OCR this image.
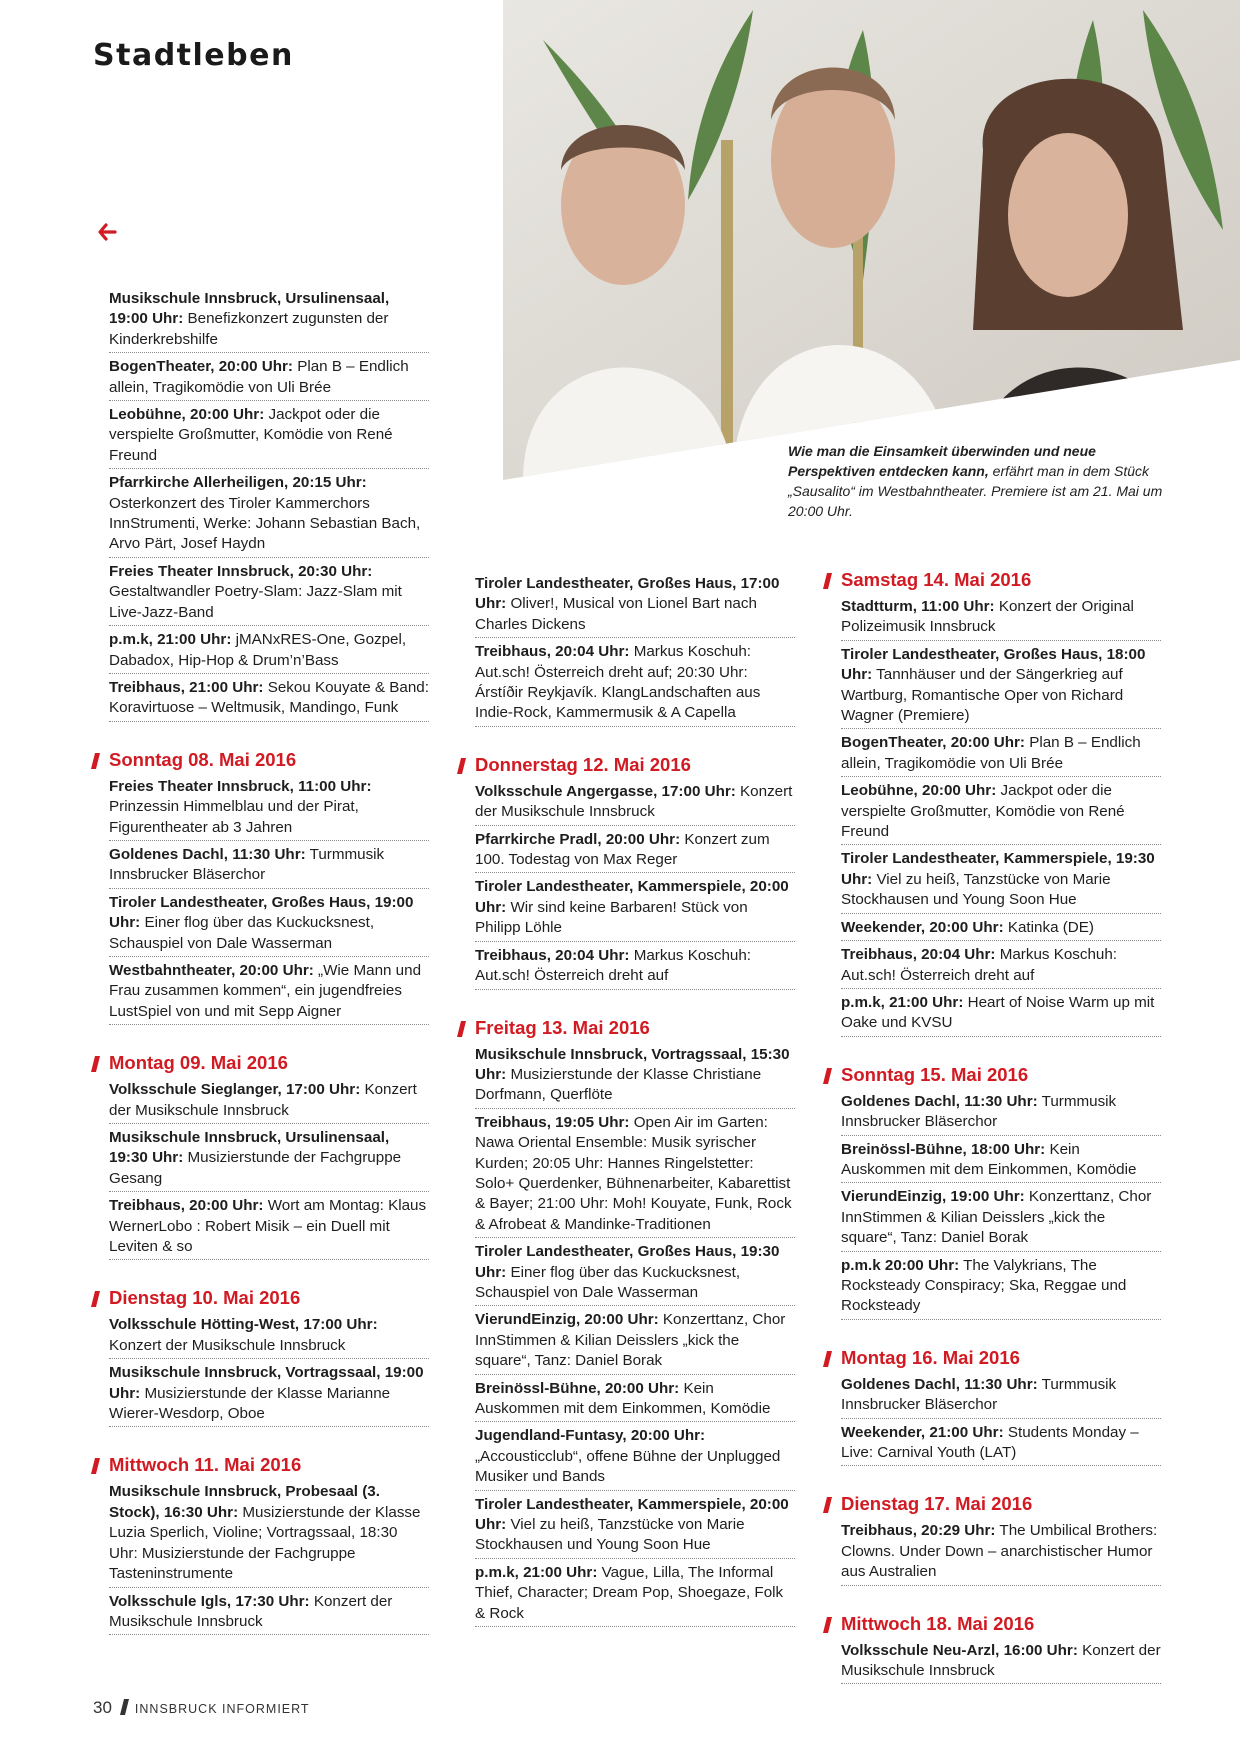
Stadtleben

Wie man die Einsamkeit überwinden und neue Perspektiven entdecken kann, erfährt man in dem Stück „Sausalito“ im Westbahntheater. Premiere ist am 21. Mai um 20:00 Uhr.

Musikschule Innsbruck, Ursulinensaal, 19:00 Uhr: Benefizkonzert zugunsten der Kinderkrebshilfe

BogenTheater, 20:00 Uhr: Plan B – Endlich allein, Tragikomödie von Uli Brée

Leobühne, 20:00 Uhr: Jackpot oder die verspielte Großmutter, Komödie von René Freund

Pfarrkirche Allerheiligen, 20:15 Uhr: Osterkonzert des Tiroler Kammerchors InnStrumenti, Werke: Johann Sebastian Bach, Arvo Pärt, Josef Haydn

Freies Theater Innsbruck, 20:30 Uhr: Gestaltwandler Poetry-Slam: Jazz-Slam mit Live-Jazz-Band

p.m.k, 21:00 Uhr: jMANxRES-One, Gozpel, Dabadox, Hip-Hop & Drum’n’Bass

Treibhaus, 21:00 Uhr: Sekou Kouyate & Band: Koravirtuose – Weltmusik, Mandingo, Funk

Sonntag 08. Mai 2016

Freies Theater Innsbruck, 11:00 Uhr: Prinzessin Himmelblau und der Pirat, Figurentheater ab 3 Jahren

Goldenes Dachl, 11:30 Uhr: Turmmusik Innsbrucker Bläserchor

Tiroler Landestheater, Großes Haus, 19:00 Uhr: Einer flog über das Kuckucksnest, Schauspiel von Dale Wasserman

Westbahntheater, 20:00 Uhr: „Wie Mann und Frau zusammen kommen“, ein jugendfreies LustSpiel von und mit Sepp Aigner

Montag 09. Mai 2016

Volksschule Sieglanger, 17:00 Uhr: Konzert der Musikschule Innsbruck

Musikschule Innsbruck, Ursulinensaal, 19:30 Uhr: Musizierstunde der Fachgruppe Gesang

Treibhaus, 20:00 Uhr: Wort am Montag: Klaus WernerLobo : Robert Misik – ein Duell mit Leviten & so

Dienstag 10. Mai 2016

Volksschule Hötting-West, 17:00 Uhr: Konzert der Musikschule Innsbruck

Musikschule Innsbruck, Vortragssaal, 19:00 Uhr: Musizierstunde der Klasse Marianne Wierer-Wesdorp, Oboe

Mittwoch 11. Mai 2016

Musikschule Innsbruck, Probesaal (3. Stock), 16:30 Uhr: Musizierstunde der Klasse Luzia Sperlich, Violine; Vortragssaal, 18:30 Uhr: Musizierstunde der Fachgruppe Tasteninstrumente

Volksschule Igls, 17:30 Uhr: Konzert der Musikschule Innsbruck

Tiroler Landestheater, Großes Haus, 17:00 Uhr: Oliver!, Musical von Lionel Bart nach Charles Dickens

Treibhaus, 20:04 Uhr: Markus Koschuh: Aut.sch! Österreich dreht auf; 20:30 Uhr: Árstíðir Reykjavík. KlangLandschaften aus Indie-Rock, Kammermusik & A Capella

Donnerstag 12. Mai 2016

Volksschule Angergasse, 17:00 Uhr: Konzert der Musikschule Innsbruck

Pfarrkirche Pradl, 20:00 Uhr: Konzert zum 100. Todestag von Max Reger

Tiroler Landestheater, Kammerspiele, 20:00 Uhr: Wir sind keine Barbaren! Stück von Philipp Löhle

Treibhaus, 20:04 Uhr: Markus Koschuh: Aut.sch! Österreich dreht auf

Freitag 13. Mai 2016

Musikschule Innsbruck, Vortragssaal, 15:30 Uhr: Musizierstunde der Klasse Christiane Dorfmann, Querflöte

Treibhaus, 19:05 Uhr: Open Air im Garten: Nawa Oriental Ensemble: Musik syrischer Kurden; 20:05 Uhr: Hannes Ringelstetter: Solo+ Querdenker, Bühnenarbeiter, Kabarettist & Bayer; 21:00 Uhr: Moh! Kouyate, Funk, Rock & Afrobeat & Mandinke-Traditionen

Tiroler Landestheater, Großes Haus, 19:30 Uhr: Einer flog über das Kuckucksnest, Schauspiel von Dale Wasserman

VierundEinzig, 20:00 Uhr: Konzerttanz, Chor InnStimmen & Kilian Deisslers „kick the square“, Tanz: Daniel Borak

Breinössl-Bühne, 20:00 Uhr: Kein Auskommen mit dem Einkommen, Komödie

Jugendland-Funtasy, 20:00 Uhr: „Accousticclub“, offene Bühne der Unplugged Musiker und Bands

Tiroler Landestheater, Kammerspiele, 20:00 Uhr: Viel zu heiß, Tanzstücke von Marie Stockhausen und Young Soon Hue

p.m.k, 21:00 Uhr: Vague, Lilla, The Informal Thief, Character; Dream Pop, Shoegaze, Folk & Rock

Samstag 14. Mai 2016

Stadtturm, 11:00 Uhr: Konzert der Original Polizeimusik Innsbruck

Tiroler Landestheater, Großes Haus, 18:00 Uhr: Tannhäuser und der Sängerkrieg auf Wartburg, Romantische Oper von Richard Wagner (Premiere)

BogenTheater, 20:00 Uhr: Plan B – Endlich allein, Tragikomödie von Uli Brée

Leobühne, 20:00 Uhr: Jackpot oder die verspielte Großmutter, Komödie von René Freund

Tiroler Landestheater, Kammerspiele, 19:30 Uhr: Viel zu heiß, Tanzstücke von Marie Stockhausen und Young Soon Hue

Weekender, 20:00 Uhr: Katinka (DE)

Treibhaus, 20:04 Uhr: Markus Koschuh: Aut.sch! Österreich dreht auf

p.m.k, 21:00 Uhr: Heart of Noise Warm up mit Oake und KVSU

Sonntag 15. Mai 2016

Goldenes Dachl, 11:30 Uhr: Turmmusik Innsbrucker Bläserchor

Breinössl-Bühne, 18:00 Uhr: Kein Auskommen mit dem Einkommen, Komödie

VierundEinzig, 19:00 Uhr: Konzerttanz, Chor InnStimmen & Kilian Deisslers „kick the square“, Tanz: Daniel Borak

p.m.k 20:00 Uhr: The Valykrians, The Rocksteady Conspiracy; Ska, Reggae und Rocksteady

Montag 16. Mai 2016

Goldenes Dachl, 11:30 Uhr: Turmmusik Innsbrucker Bläserchor

Weekender, 21:00 Uhr: Students Monday – Live: Carnival Youth (LAT)

Dienstag 17. Mai 2016

Treibhaus, 20:29 Uhr: The Umbilical Brothers: Clowns. Under Down – anarchistischer Humor aus Australien

Mittwoch 18. Mai 2016

Volksschule Neu-Arzl, 16:00 Uhr: Konzert der Musikschule Innsbruck

30 INNSBRUCK INFORMIERT
